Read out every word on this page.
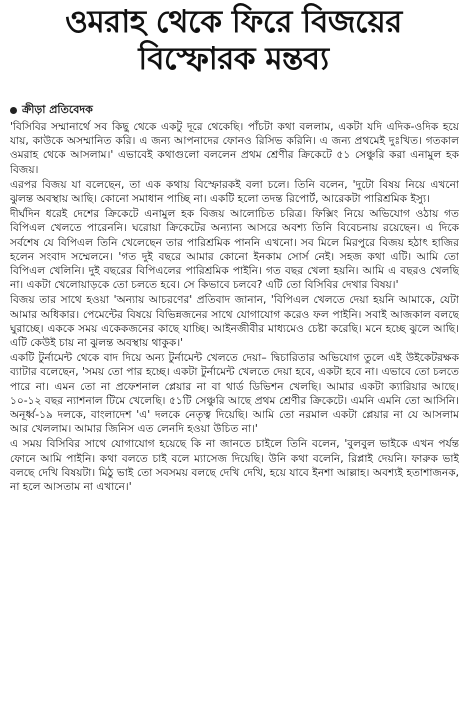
ওমরাহ থেকে ফিরে বিজয়ের
বিস্ফোরক মন্তব্য
ক্রীড়া প্রতিবেদক

'বিসিবির সম্মানার্থে সব কিছু থেকে একটু দূরে থেকেছি। পাঁচটা কথা বললাম, একটা যদি এদিক-ওদিক হয়ে যায়, কাউকে অসম্মানিত করি। এ জন্য আপনাদের ফোনও রিসিভ করিনি। এ জন্য প্রথমেই দুঃখিত। গতকাল ওমরাহ থেকে আসলাম।' এভাবেই কথাগুলো বললেন প্রথম শ্রেণীর ক্রিকেটে ৫১ সেঞ্চুরি করা এনামুল হক বিজয়।

এরপর বিজয় যা বলেছেন, তা এক কথায় বিস্ফোরকই বলা চলে। তিনি বলেন, 'দুটো বিষয় নিয়ে এখনো ঝুলন্ত অবস্থায় আছি। কোনো সমাধান পাচ্ছি না। একটি হলো তদন্ত রিপোর্ট, আরেকটা পারিশ্রমিক ইস্যু।

দীর্ঘদিন ধরেই দেশের ক্রিকেটে এনামুল হক বিজয় আলোচিত চরিত্র। ফিক্সিং নিয়ে অভিযোগ ওঠায় গত বিপিএল খেলতে পারেননি। ঘরোয়া ক্রিকেটের অন্যান্য আসরে অবশ্য তিনি বিবেচনায় রয়েছেন। এ দিকে সর্বশেষ যে বিপিএল তিনি খেলেছেন তার পারিশ্রমিক পাননি এখনো। সব মিলে মিরপুরে বিজয় হঠাৎ হাজির হলেন সংবাদ সম্মেলনে। 'গত দুই বছরে আমার কোনো ইনকাম সোর্স নেই। সহজ কথা এটি। আমি তো বিপিএল খেলিনি। দুই বছরের বিপিএলের পারিশ্রমিক পাইনি। গত বছর খেলা হয়নি। আমি এ বছরও খেলছি না। একটা খেলোয়াড়কে তো চলতে হবে। সে কিভাবে চলবে? এটি তো বিসিবির দেখার বিষয়।'

বিজয় তার সাথে হওয়া 'অন্যায় আচরণের' প্রতিবাদ জানান, 'বিপিএল খেলতে দেয়া হয়নি আমাকে, যেটা আমার অধিকার। পেমেন্টের বিষয়ে বিভিন্নজনের সাথে যোগাযোগ করেও ফল পাইনি। সবাই আজকাল বলছে ঘুরাচ্ছে। এককে সময় একেকজনের কাছে যাচ্ছি। আইনজীবীর মাধ্যমেও চেষ্টা করেছি। মনে হচ্ছে ঝুলে আছি। এটি কেউই চায় না ঝুলন্ত অবস্থায় থাকুক।'

একটি টুর্নামেন্ট থেকে বাদ দিয়ে অন্য টুর্নামেন্ট খেলতে দেয়া– দ্বিচারিতার অভিযোগ তুলে এই উইকেটরক্ষক ব্যাটার বলেছেন, 'সময় তো পার হচ্ছে। একটা টুর্নামেন্ট খেলতে দেয়া হবে, একটা হবে না। এভাবে তো চলতে পারে না। এমন তো না প্রফেশনাল প্লেয়ার না বা থার্ড ডিভিশন খেলছি। আমার একটা ক্যারিয়ার আছে। ১০-১২ বছর ন্যাশনাল টিমে খেলেছি। ৫১টি সেঞ্চুরি আছে প্রথম শ্রেণীর ক্রিকেটে। এমনি এমনি তো আসিনি। অনূর্ধ্ব-১৯ দলকে, বাংলাদেশ 'এ' দলকে নেতৃত্ব দিয়েছি। আমি তো নরমাল একটা প্লেয়ার না যে আসলাম আর খেললাম। আমার জিনিস এত লেনদি হওয়া উচিত না।'

এ সময় বিসিবির সাথে যোগাযোগ হয়েছে কি না জানতে চাইলে তিনি বলেন, 'বুলবুল ভাইকে এখন পর্যন্ত ফোনে আমি পাইনি। কথা বলতে চাই বলে ম্যাসেজ দিয়েছি। উনি কথা বলেনি, রিপ্লাই দেয়নি। ফারুক ভাই বলছে দেখি বিষয়টা। মিঠু ভাই তো সবসময় বলছে দেখি দেখি, হয়ে যাবে ইনশা আল্লাহ। অবশ্যই হতাশাজনক, না হলে আসতাম না এখানে।'
